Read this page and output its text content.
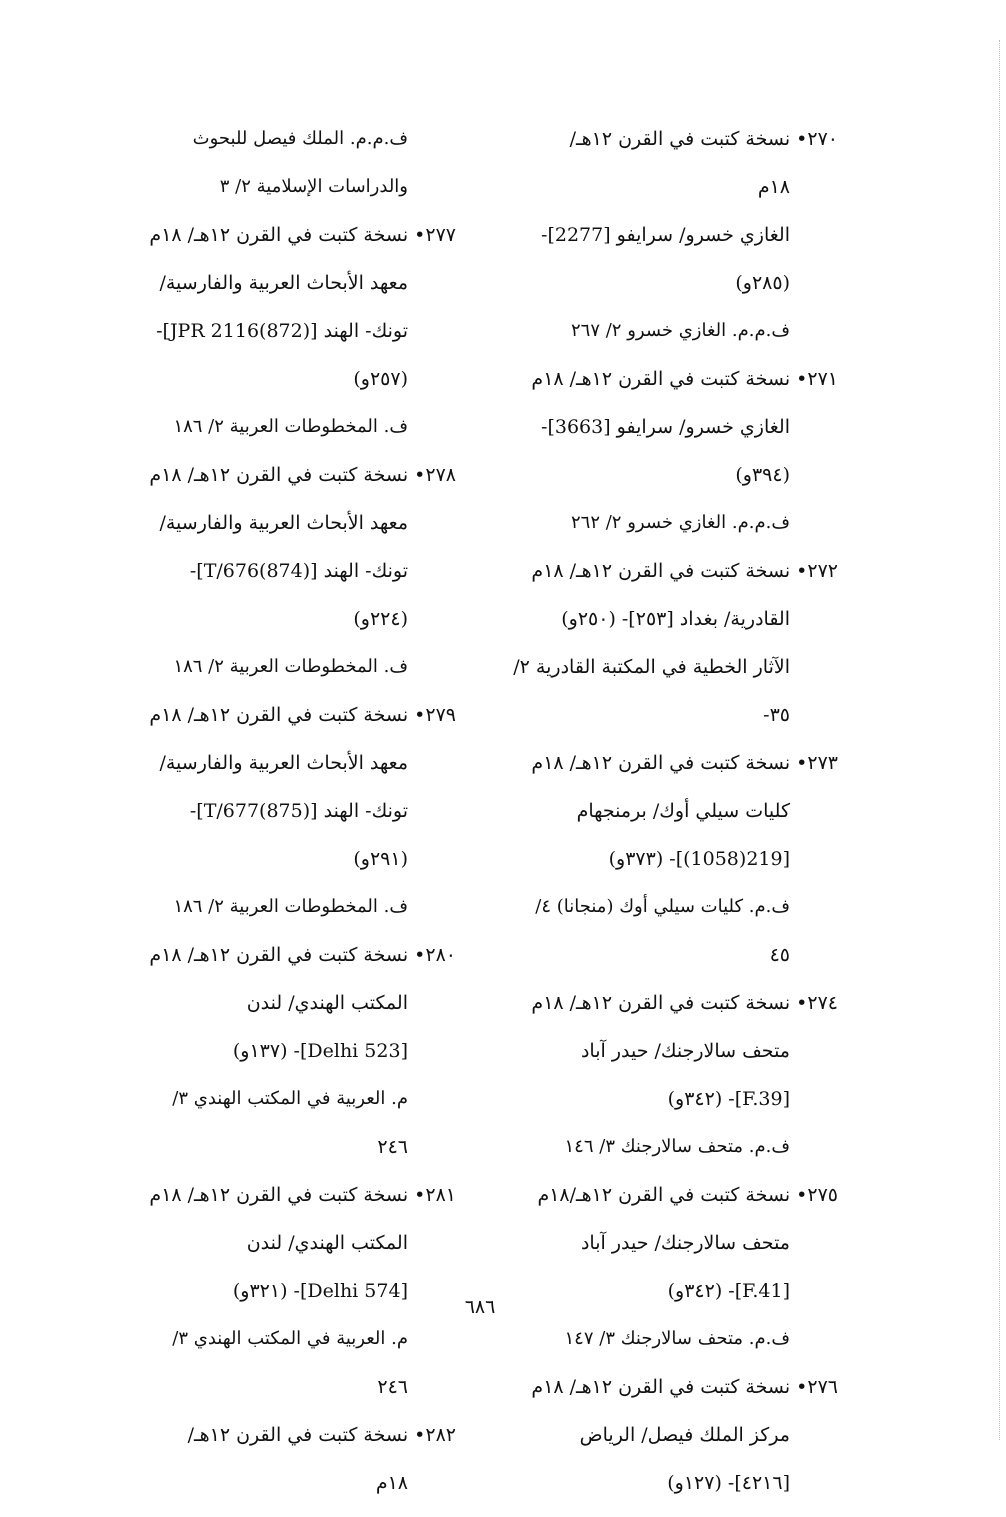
٢٧٠• نسخة كتبت في القرن ١٢هـ/
١٨م
الغازي خسرو/ سرايفو [2277]-
(٢٨٥و)
ف.م.م. الغازي خسرو ٢/ ٢٦٧
٢٧١• نسخة كتبت في القرن ١٢هـ/ ١٨م
الغازي خسرو/ سرايفو [3663]-
(٣٩٤و)
ف.م.م. الغازي خسرو ٢/ ٢٦٢
٢٧٢• نسخة كتبت في القرن ١٢هـ/ ١٨م
القادرية/ بغداد [٢٥٣]- (٢٥٠و)
الآثار الخطية في المكتبة القادرية ٢/
٣٥-
٢٧٣• نسخة كتبت في القرن ١٢هـ/ ١٨م
كليات سيلي أوك/ برمنجهام
[219(1058)]- (٣٧٣و)
ف.م. كليات سيلي أوك (منجانا) ٤/
٤٥
٢٧٤• نسخة كتبت في القرن ١٢هـ/ ١٨م
متحف سالارجنك/ حيدر آباد
[F.39]- (٣٤٢و)
ف.م. متحف سالارجنك ٣/ ١٤٦
٢٧٥• نسخة كتبت في القرن ١٢هـ/١٨م
متحف سالارجنك/ حيدر آباد
[F.41]- (٣٤٢و)
ف.م. متحف سالارجنك ٣/ ١٤٧
٢٧٦• نسخة كتبت في القرن ١٢هـ/ ١٨م
مركز الملك فيصل/ الرياض
[٤٢١٦]- (١٢٧و)
ف.م.م. الملك فيصل للبحوث
والدراسات الإسلامية ٢/ ٣
٢٧٧• نسخة كتبت في القرن ١٢هـ/ ١٨م
معهد الأبحاث العربية والفارسية/
تونك- الهند [JPR 2116(872)]-
(٢٥٧و)
ف. المخطوطات العربية ٢/ ١٨٦
٢٧٨• نسخة كتبت في القرن ١٢هـ/ ١٨م
معهد الأبحاث العربية والفارسية/
تونك- الهند [T/676(874)]-
(٢٢٤و)
ف. المخطوطات العربية ٢/ ١٨٦
٢٧٩• نسخة كتبت في القرن ١٢هـ/ ١٨م
معهد الأبحاث العربية والفارسية/
تونك- الهند [T/677(875)]-
(٢٩١و)
ف. المخطوطات العربية ٢/ ١٨٦
٢٨٠• نسخة كتبت في القرن ١٢هـ/ ١٨م
المكتب الهندي/ لندن
[Delhi 523]- (١٣٧و)
م. العربية في المكتب الهندي ٣/
٢٤٦
٢٨١• نسخة كتبت في القرن ١٢هـ/ ١٨م
المكتب الهندي/ لندن
[Delhi 574]- (٣٢١و)
م. العربية في المكتب الهندي ٣/
٢٤٦
٢٨٢• نسخة كتبت في القرن ١٢هـ/
١٨م
٦٨٦
